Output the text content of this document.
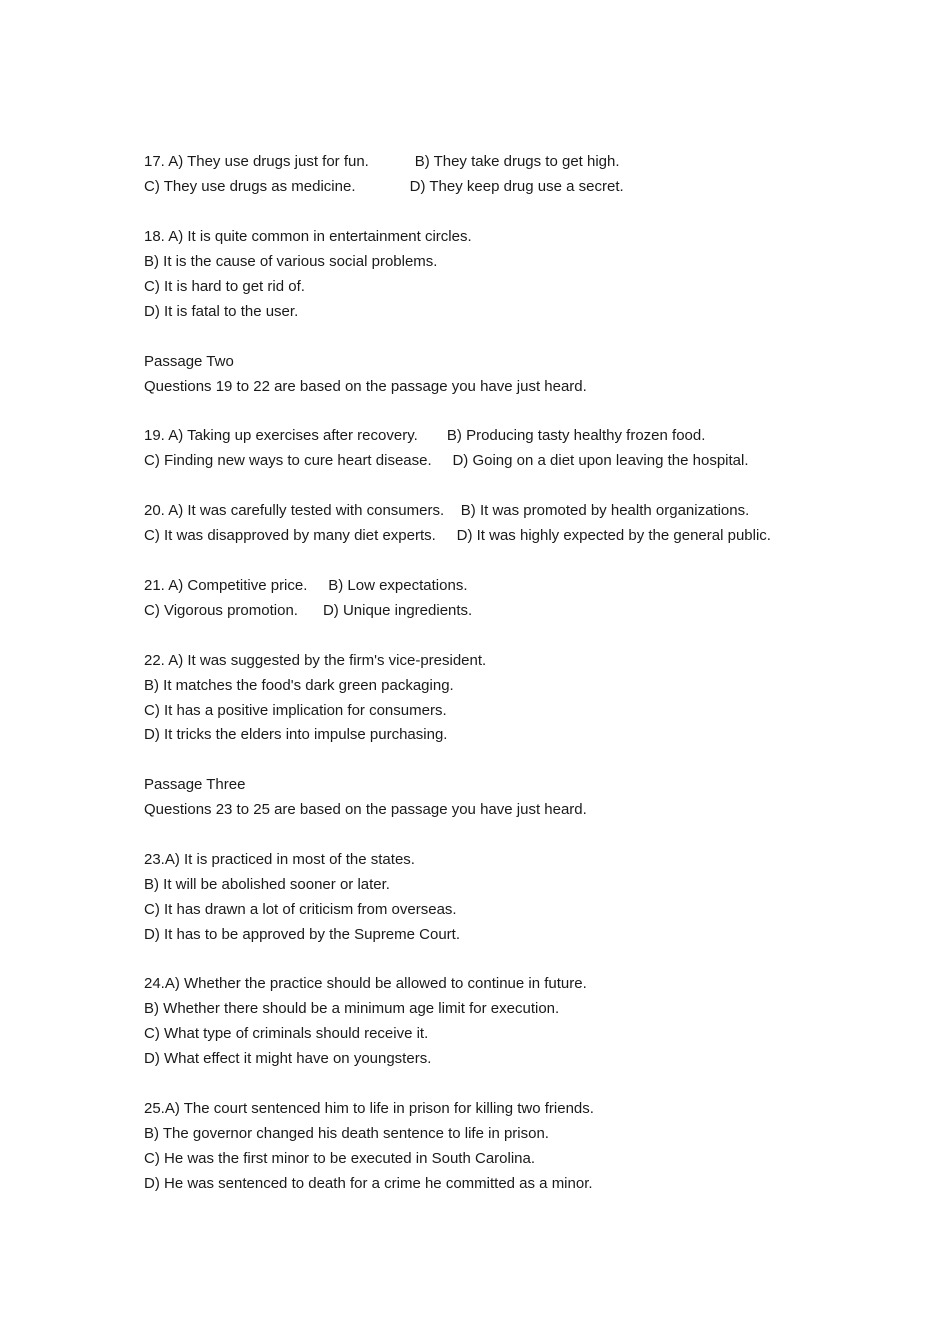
17. A) They use drugs just for fun.           B) They take drugs to get high.
C) They use drugs as medicine.             D) They keep drug use a secret.
18. A) It is quite common in entertainment circles.
B) It is the cause of various social problems.
C) It is hard to get rid of.
D) It is fatal to the user.
Passage Two
Questions 19 to 22 are based on the passage you have just heard.
19. A) Taking up exercises after recovery.       B) Producing tasty healthy frozen food.
C) Finding new ways to cure heart disease.     D) Going on a diet upon leaving the hospital.
20. A) It was carefully tested with consumers.    B) It was promoted by health organizations.
C) It was disapproved by many diet experts.     D) It was highly expected by the general public.
21. A) Competitive price.     B) Low expectations.
C) Vigorous promotion.      D) Unique ingredients.
22. A) It was suggested by the firm's vice-president.
B) It matches the food's dark green packaging.
C) It has a positive implication for consumers.
D) It tricks the elders into impulse purchasing.
Passage Three
Questions 23 to 25 are based on the passage you have just heard.
23.A) It is practiced in most of the states.
B) It will be abolished sooner or later.
C) It has drawn a lot of criticism from overseas.
D) It has to be approved by the Supreme Court.
24.A) Whether the practice should be allowed to continue in future.
B) Whether there should be a minimum age limit for execution.
C) What type of criminals should receive it.
D) What effect it might have on youngsters.
25.A) The court sentenced him to life in prison for killing two friends.
B) The governor changed his death sentence to life in prison.
C) He was the first minor to be executed in South Carolina.
D) He was sentenced to death for a crime he committed as a minor.
